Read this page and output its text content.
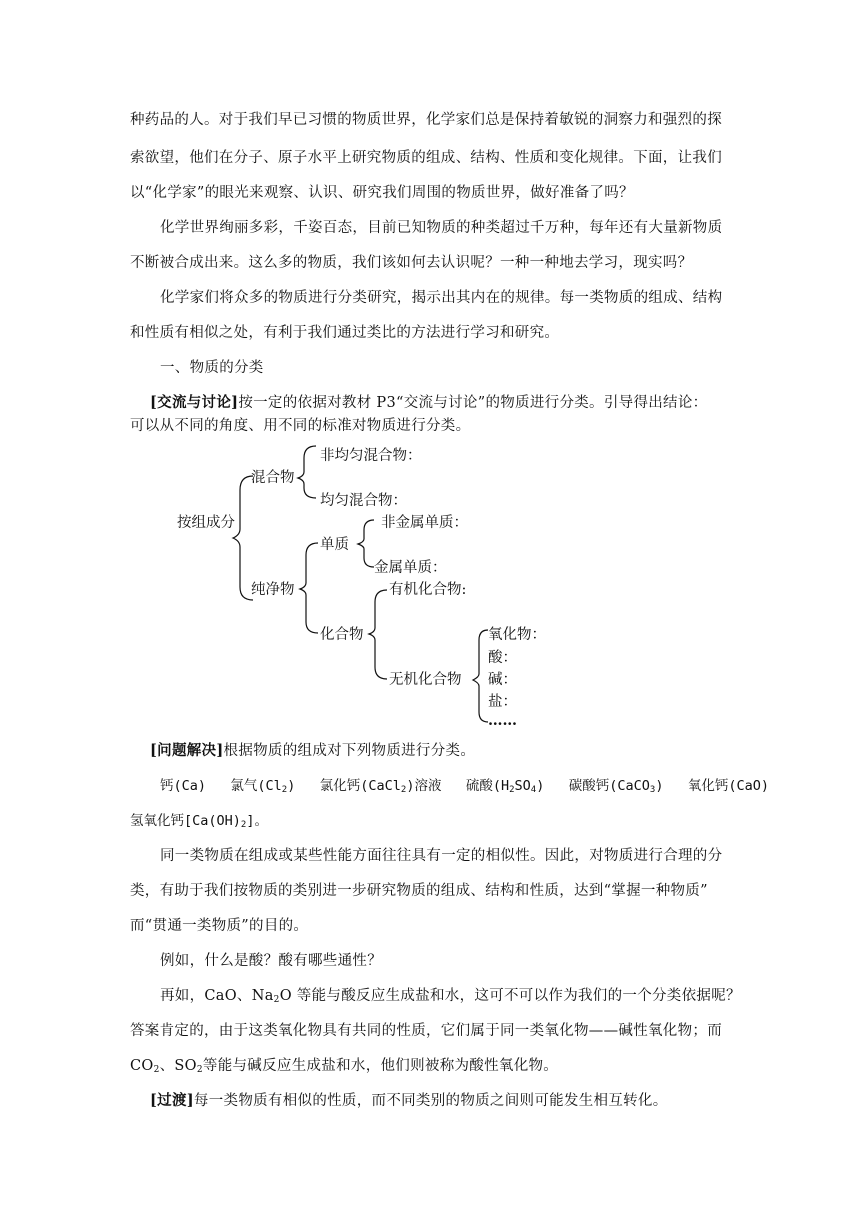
种药品的人。对于我们早已习惯的物质世界，化学家们总是保持着敏锐的洞察力和强烈的探
索欲望，他们在分子、原子水平上研究物质的组成、结构、性质和变化规律。下面，让我们
以“化学家”的眼光来观察、认识、研究我们周围的物质世界，做好准备了吗？
化学世界绚丽多彩，千姿百态，目前已知物质的种类超过千万种，每年还有大量新物质
不断被合成出来。这么多的物质，我们该如何去认识呢？一种一种地去学习，现实吗？
化学家们将众多的物质进行分类研究，揭示出其内在的规律。每一类物质的组成、结构
和性质有相似之处，有利于我们通过类比的方法进行学习和研究。
一、物质的分类
[交流与讨论]按一定的依据对教材 P3“交流与讨论”的物质进行分类。引导得出结论：
可以从不同的角度、用不同的标准对物质进行分类。
按组成分
混合物
非均匀混合物：
均匀混合物：
纯净物
单质
非金属单质：
金属单质：
化合物
有机化合物:
无机化合物
氧化物：
酸：
碱：
盐：
……
[问题解决]根据物质的组成对下列物质进行分类。
钙(Ca) 氯气$(Cl_2)$ 氯化钙(CaCl$_2$)溶液 硫酸$(H_2SO_4)$ 碳酸钙(CaCO$_3$) 氧化钙(CaO)
氢氧化钙$[Ca(OH)_2]$。
同一类物质在组成或某些性能方面往往具有一定的相似性。因此，对物质进行合理的分
类，有助于我们按物质的类别进一步研究物质的组成、结构和性质，达到“掌握一种物质”
而“贯通一类物质”的目的。
例如，什么是酸？酸有哪些通性？
再如，CaO、$Na_2O$ 等能与酸反应生成盐和水，这可不可以作为我们的一个分类依据呢？
答案肯定的，由于这类氧化物具有共同的性质，它们属于同一类氧化物——碱性氧化物；而
$CO_2$、$SO_2$等能与碱反应生成盐和水，他们则被称为酸性氧化物。
[过渡]每一类物质有相似的性质，而不同类别的物质之间则可能发生相互转化。
